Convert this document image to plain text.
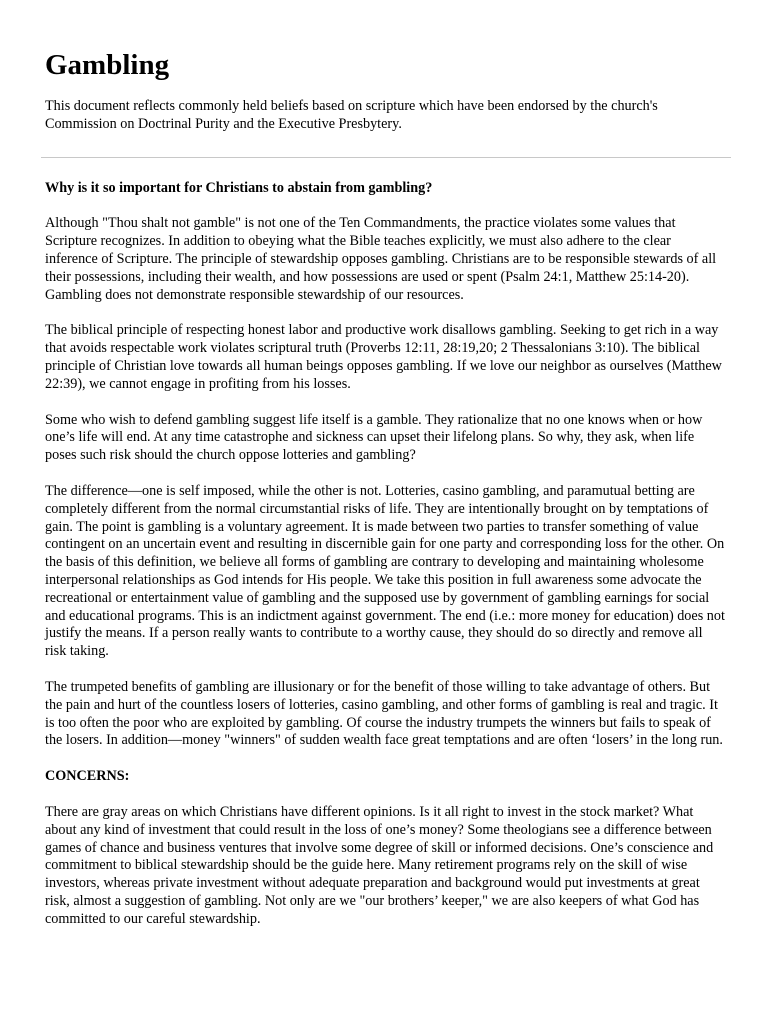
Gambling

This document reflects commonly held beliefs based on scripture which have been endorsed by the church's Commission on Doctrinal Purity and the Executive Presbytery.

Why is it so important for Christians to abstain from gambling?

Although "Thou shalt not gamble" is not one of the Ten Commandments, the practice violates some values that Scripture recognizes. In addition to obeying what the Bible teaches explicitly, we must also adhere to the clear inference of Scripture. The principle of stewardship opposes gambling. Christians are to be responsible stewards of all their possessions, including their wealth, and how possessions are used or spent (Psalm 24:1, Matthew 25:14-20). Gambling does not demonstrate responsible stewardship of our resources.

The biblical principle of respecting honest labor and productive work disallows gambling. Seeking to get rich in a way that avoids respectable work violates scriptural truth (Proverbs 12:11, 28:19,20; 2 Thessalonians 3:10). The biblical principle of Christian love towards all human beings opposes gambling. If we love our neighbor as ourselves (Matthew 22:39), we cannot engage in profiting from his losses.

Some who wish to defend gambling suggest life itself is a gamble. They rationalize that no one knows when or how one’s life will end. At any time catastrophe and sickness can upset their lifelong plans. So why, they ask, when life poses such risk should the church oppose lotteries and gambling?

The difference—one is self imposed, while the other is not. Lotteries, casino gambling, and paramutual betting are completely different from the normal circumstantial risks of life. They are intentionally brought on by temptations of gain. The point is gambling is a voluntary agreement. It is made between two parties to transfer something of value contingent on an uncertain event and resulting in discernible gain for one party and corresponding loss for the other. On the basis of this definition, we believe all forms of gambling are contrary to developing and maintaining wholesome interpersonal relationships as God intends for His people. We take this position in full awareness some advocate the recreational or entertainment value of gambling and the supposed use by government of gambling earnings for social and educational programs. This is an indictment against government. The end (i.e.: more money for education) does not justify the means. If a person really wants to contribute to a worthy cause, they should do so directly and remove all risk taking.

The trumpeted benefits of gambling are illusionary or for the benefit of those willing to take advantage of others. But the pain and hurt of the countless losers of lotteries, casino gambling, and other forms of gambling is real and tragic. It is too often the poor who are exploited by gambling. Of course the industry trumpets the winners but fails to speak of the losers. In addition—money "winners" of sudden wealth face great temptations and are often ‘losers’ in the long run.

CONCERNS:

There are gray areas on which Christians have different opinions. Is it all right to invest in the stock market? What about any kind of investment that could result in the loss of one’s money? Some theologians see a difference between games of chance and business ventures that involve some degree of skill or informed decisions. One’s conscience and commitment to biblical stewardship should be the guide here. Many retirement programs rely on the skill of wise investors, whereas private investment without adequate preparation and background would put investments at great risk, almost a suggestion of gambling. Not only are we "our brothers’ keeper," we are also keepers of what God has committed to our careful stewardship.
